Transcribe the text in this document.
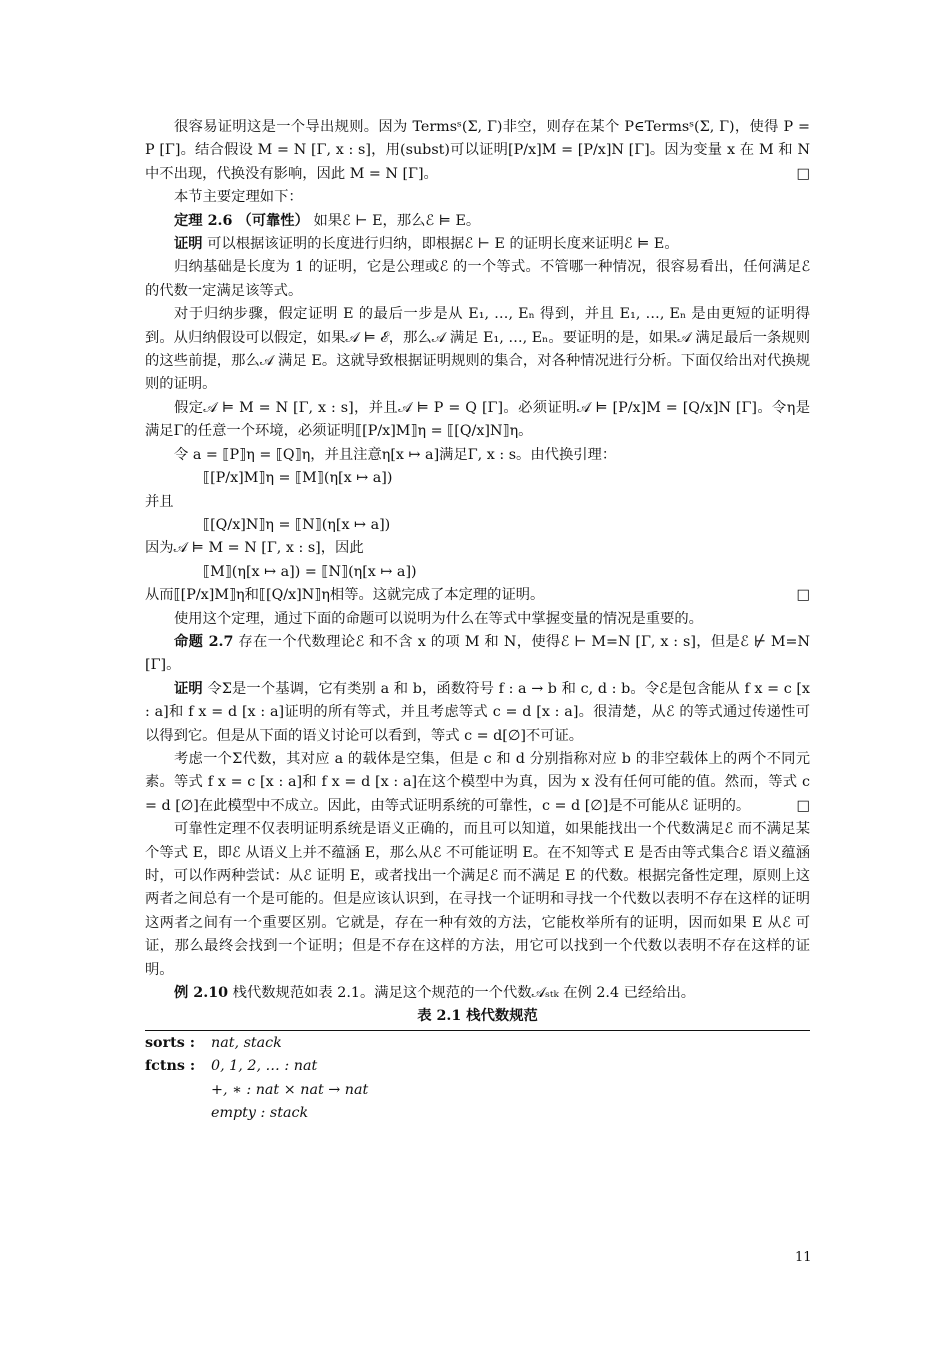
很容易证明这是一个导出规则。因为 Termsˢ(Σ, Γ)非空，则存在某个 P∈Termsˢ(Σ, Γ)，使得 P = P [Γ]。结合假设 M = N [Γ, x : s]，用(subst)可以证明[P/x]M = [P/x]N [Γ]。因为变量 x 在 M 和 N 中不出现，代换没有影响，因此 M = N [Γ]。	□

本节主要定理如下：

定理 2.6 （可靠性） 如果ℰ ⊢ E，那么ℰ ⊨ E。

证明 可以根据该证明的长度进行归纳，即根据ℰ ⊢ E 的证明长度来证明ℰ ⊨ E。

归纳基础是长度为 1 的证明，它是公理或ℰ 的一个等式。不管哪一种情况，很容易看出，任何满足ℰ 的代数一定满足该等式。

对于归纳步骤，假定证明 E 的最后一步是从 E₁, …, Eₙ 得到，并且 E₁, …, Eₙ 是由更短的证明得到。从归纳假设可以假定，如果𝒜 ⊨ ℰ，那么𝒜 满足 E₁, …, Eₙ。要证明的是，如果𝒜 满足最后一条规则的这些前提，那么𝒜 满足 E。这就导致根据证明规则的集合，对各种情况进行分析。下面仅给出对代换规则的证明。

假定𝒜 ⊨ M = N [Γ, x : s]，并且𝒜 ⊨ P = Q [Γ]。必须证明𝒜 ⊨ [P/x]M = [Q/x]N [Γ]。令η是满足Γ的任意一个环境，必须证明⟦[P/x]M⟧η = ⟦[Q/x]N⟧η。

令 a = ⟦P⟧η = ⟦Q⟧η，并且注意η[x ↦ a]满足Γ, x : s。由代换引理：

⟦[P/x]M⟧η = ⟦M⟧(η[x ↦ a])

并且

⟦[Q/x]N⟧η = ⟦N⟧(η[x ↦ a])

因为𝒜 ⊨ M = N [Γ, x : s]，因此

⟦M⟧(η[x ↦ a]) = ⟦N⟧(η[x ↦ a])

从而⟦[P/x]M⟧η和⟦[Q/x]N⟧η相等。这就完成了本定理的证明。	□

使用这个定理，通过下面的命题可以说明为什么在等式中掌握变量的情况是重要的。

命题 2.7 存在一个代数理论ℰ 和不含 x 的项 M 和 N，使得ℰ ⊢ M=N [Γ, x : s]，但是ℰ ⊬ M=N [Γ]。

证明 令Σ是一个基调，它有类别 a 和 b，函数符号 f : a → b 和 c, d : b。令ℰ是包含能从 f x = c [x : a]和 f x = d [x : a]证明的所有等式，并且考虑等式 c = d [x : a]。很清楚，从ℰ 的等式通过传递性可以得到它。但是从下面的语义讨论可以看到，等式 c = d[∅]不可证。

考虑一个Σ代数，其对应 a 的载体是空集，但是 c 和 d 分别指称对应 b 的非空载体上的两个不同元素。等式 f x = c [x : a]和 f x = d [x : a]在这个模型中为真，因为 x 没有任何可能的值。然而，等式 c = d [∅]在此模型中不成立。因此，由等式证明系统的可靠性，c = d [∅]是不可能从ℰ 证明的。	□

可靠性定理不仅表明证明系统是语义正确的，而且可以知道，如果能找出一个代数满足ℰ 而不满足某个等式 E，即ℰ 从语义上并不蕴涵 E，那么从ℰ 不可能证明 E。在不知等式 E 是否由等式集合ℰ 语义蕴涵时，可以作两种尝试：从ℰ 证明 E，或者找出一个满足ℰ 而不满足 E 的代数。根据完备性定理，原则上这两者之间总有一个是可能的。但是应该认识到，在寻找一个证明和寻找一个代数以表明不存在这样的证明这两者之间有一个重要区别。它就是，存在一种有效的方法，它能枚举所有的证明，因而如果 E 从ℰ 可证，那么最终会找到一个证明；但是不存在这样的方法，用它可以找到一个代数以表明不存在这样的证明。

例 2.10 栈代数规范如表 2.1。满足这个规范的一个代数𝒜ₛₜₖ 在例 2.4 已经给出。

表 2.1 栈代数规范

sorts :	nat, stack
fctns :	0, 1, 2, … : nat
+, ∗ : nat × nat → nat
empty : stack
11
